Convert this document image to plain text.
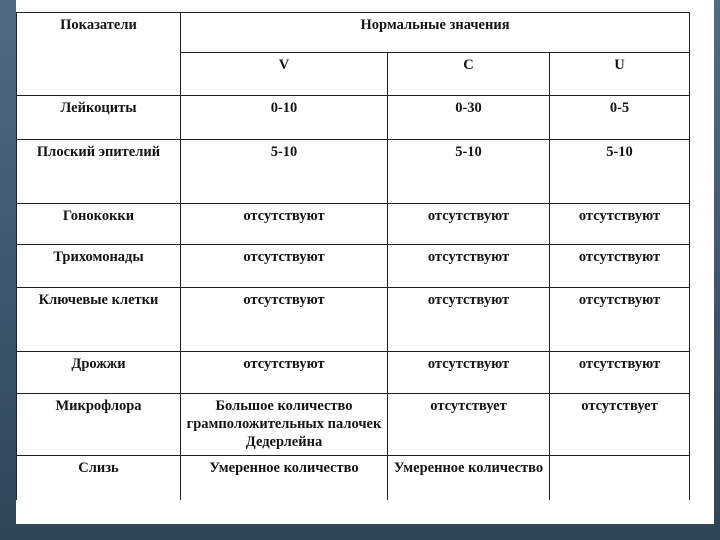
Показатели	Нормальные значения		
	V	C	U
Лейкоциты	0-10	0-30	0-5
Плоский эпителий	5-10	5-10	5-10
Гонококки	отсутствуют	отсутствуют	отсутствуют
Трихомонады	отсутствуют	отсутствуют	отсутствуют
Ключевые клетки	отсутствуют	отсутствуют	отсутствуют
Дрожжи	отсутствуют	отсутствуют	отсутствуют
Микрофлора	Большое количество грамположительных палочек Дедерлейна	отсутствует	отсутствует
Слизь	Умеренное количество	Умеренное количество	
